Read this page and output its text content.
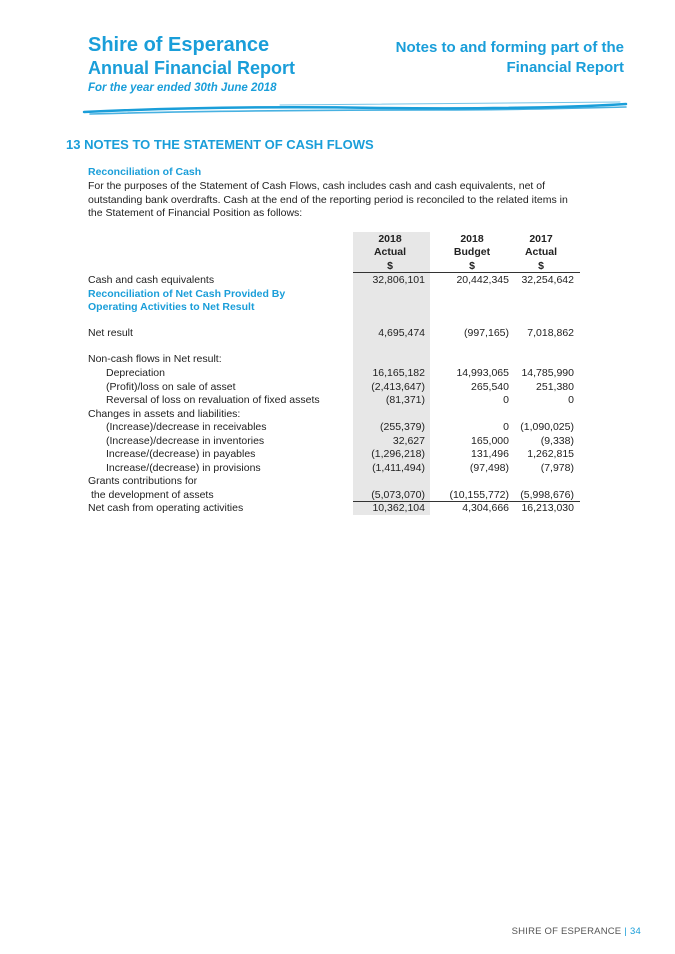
Shire of Esperance
Annual Financial Report
For the year ended 30th June 2018
Notes to and forming part of the
Financial Report
13 NOTES TO THE STATEMENT OF CASH FLOWS
Reconciliation of Cash
For the purposes of the Statement of Cash Flows, cash includes cash and cash equivalents, net of outstanding bank overdrafts. Cash at the end of the reporting period is reconciled to the related items in the Statement of Financial Position as follows:
2018	2018	2017
Actual	Budget	Actual
$	$	$
Cash and cash equivalents	32,806,101	20,442,345	32,254,642
Reconciliation of Net Cash Provided By
Operating Activities to Net Result
Net result	4,695,474	(997,165)	7,018,862
Non-cash flows in Net result:
Depreciation	16,165,182	14,993,065	14,785,990
(Profit)/loss on sale of asset	(2,413,647)	265,540	251,380
Reversal of loss on revaluation of fixed assets	(81,371)	0	0
Changes in assets and liabilities:
(Increase)/decrease in receivables	(255,379)	0	(1,090,025)
(Increase)/decrease in inventories	32,627	165,000	(9,338)
Increase/(decrease) in payables	(1,296,218)	131,496	1,262,815
Increase/(decrease) in provisions	(1,411,494)	(97,498)	(7,978)
Grants contributions for
the development of assets	(5,073,070)	(10,155,772)	(5,998,676)
Net cash from operating activities	10,362,104	4,304,666	16,213,030
SHIRE OF ESPERANCE | 34
